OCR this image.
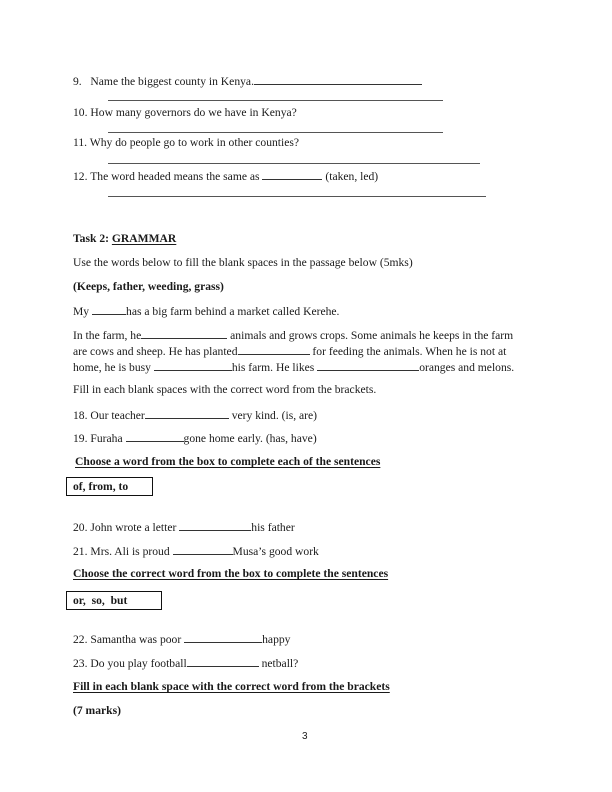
9. Name the biggest county in Kenya.
10. How many governors do we have in Kenya?
11. Why do people go to work in other counties?
12. The word headed means the same as	(taken, led)
Task 2: GRAMMAR
Use the words below to fill the blank spaces in the passage below (5mks)
(Keeps, father, weeding, grass)
My	has a big farm behind a market called Kerehe.
In the farm, he	animals and grows crops. Some animals he keeps in the farm
are cows and sheep. He has planted	for feeding the animals. When he is not at
home, he is busy	his farm. He likes	oranges and melons.
Fill in each blank spaces with the correct word from the brackets.
18. Our teacher	very kind. (is, are)
19. Furaha	gone home early. (has, have)
Choose a word from the box to complete each of the sentences
of, from, to
20. John wrote a letter	his father
21. Mrs. Ali is proud	Musa’s good work
Choose the correct word from the box to complete the sentences
or,  so,  but
22. Samantha was poor	happy
23. Do you play football	netball?
Fill in each blank space with the correct word from the brackets
(7 marks)
3
